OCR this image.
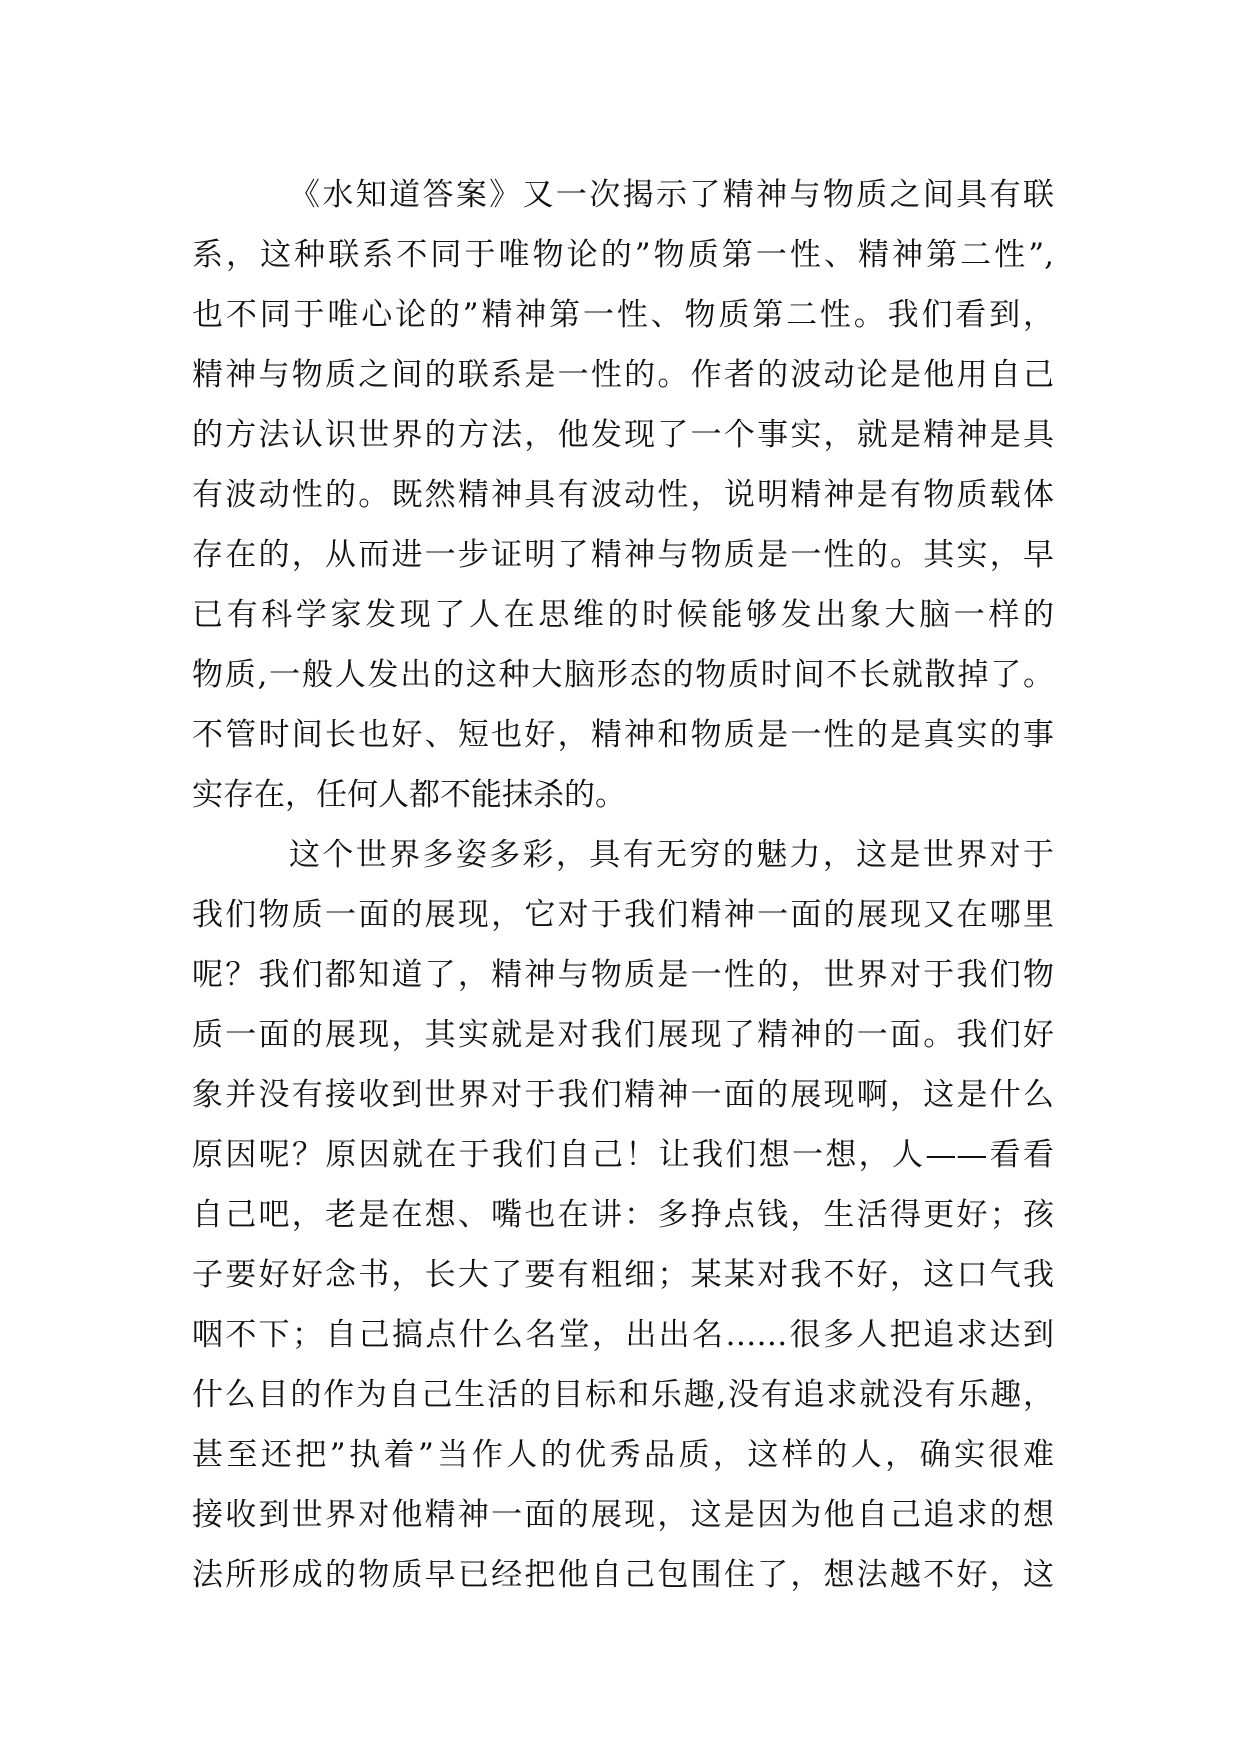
《水知道答案》又一次揭示了精神与物质之间具有联
系，这种联系不同于唯物论的”物质第一性、精神第二性”,
也不同于唯心论的”精神第一性、物质第二性。我们看到，
精神与物质之间的联系是一性的。作者的波动论是他用自己
的方法认识世界的方法，他发现了一个事实，就是精神是具
有波动性的。既然精神具有波动性，说明精神是有物质载体
存在的，从而进一步证明了精神与物质是一性的。其实，早
已有科学家发现了人在思维的时候能够发出象大脑一样的
物质,一般人发出的这种大脑形态的物质时间不长就散掉了。
不管时间长也好、短也好，精神和物质是一性的是真实的事
实存在，任何人都不能抹杀的。
这个世界多姿多彩，具有无穷的魅力，这是世界对于
我们物质一面的展现，它对于我们精神一面的展现又在哪里
呢？我们都知道了，精神与物质是一性的，世界对于我们物
质一面的展现，其实就是对我们展现了精神的一面。我们好
象并没有接收到世界对于我们精神一面的展现啊，这是什么
原因呢？原因就在于我们自己！让我们想一想，人——看看
自己吧，老是在想、嘴也在讲：多挣点钱，生活得更好；孩
子要好好念书，长大了要有粗细；某某对我不好，这口气我
咽不下；自己搞点什么名堂，出出名……很多人把追求达到
什么目的作为自己生活的目标和乐趣,没有追求就没有乐趣，
甚至还把”执着”当作人的优秀品质，这样的人，确实很难
接收到世界对他精神一面的展现，这是因为他自己追求的想
法所形成的物质早已经把他自己包围住了，想法越不好，这
